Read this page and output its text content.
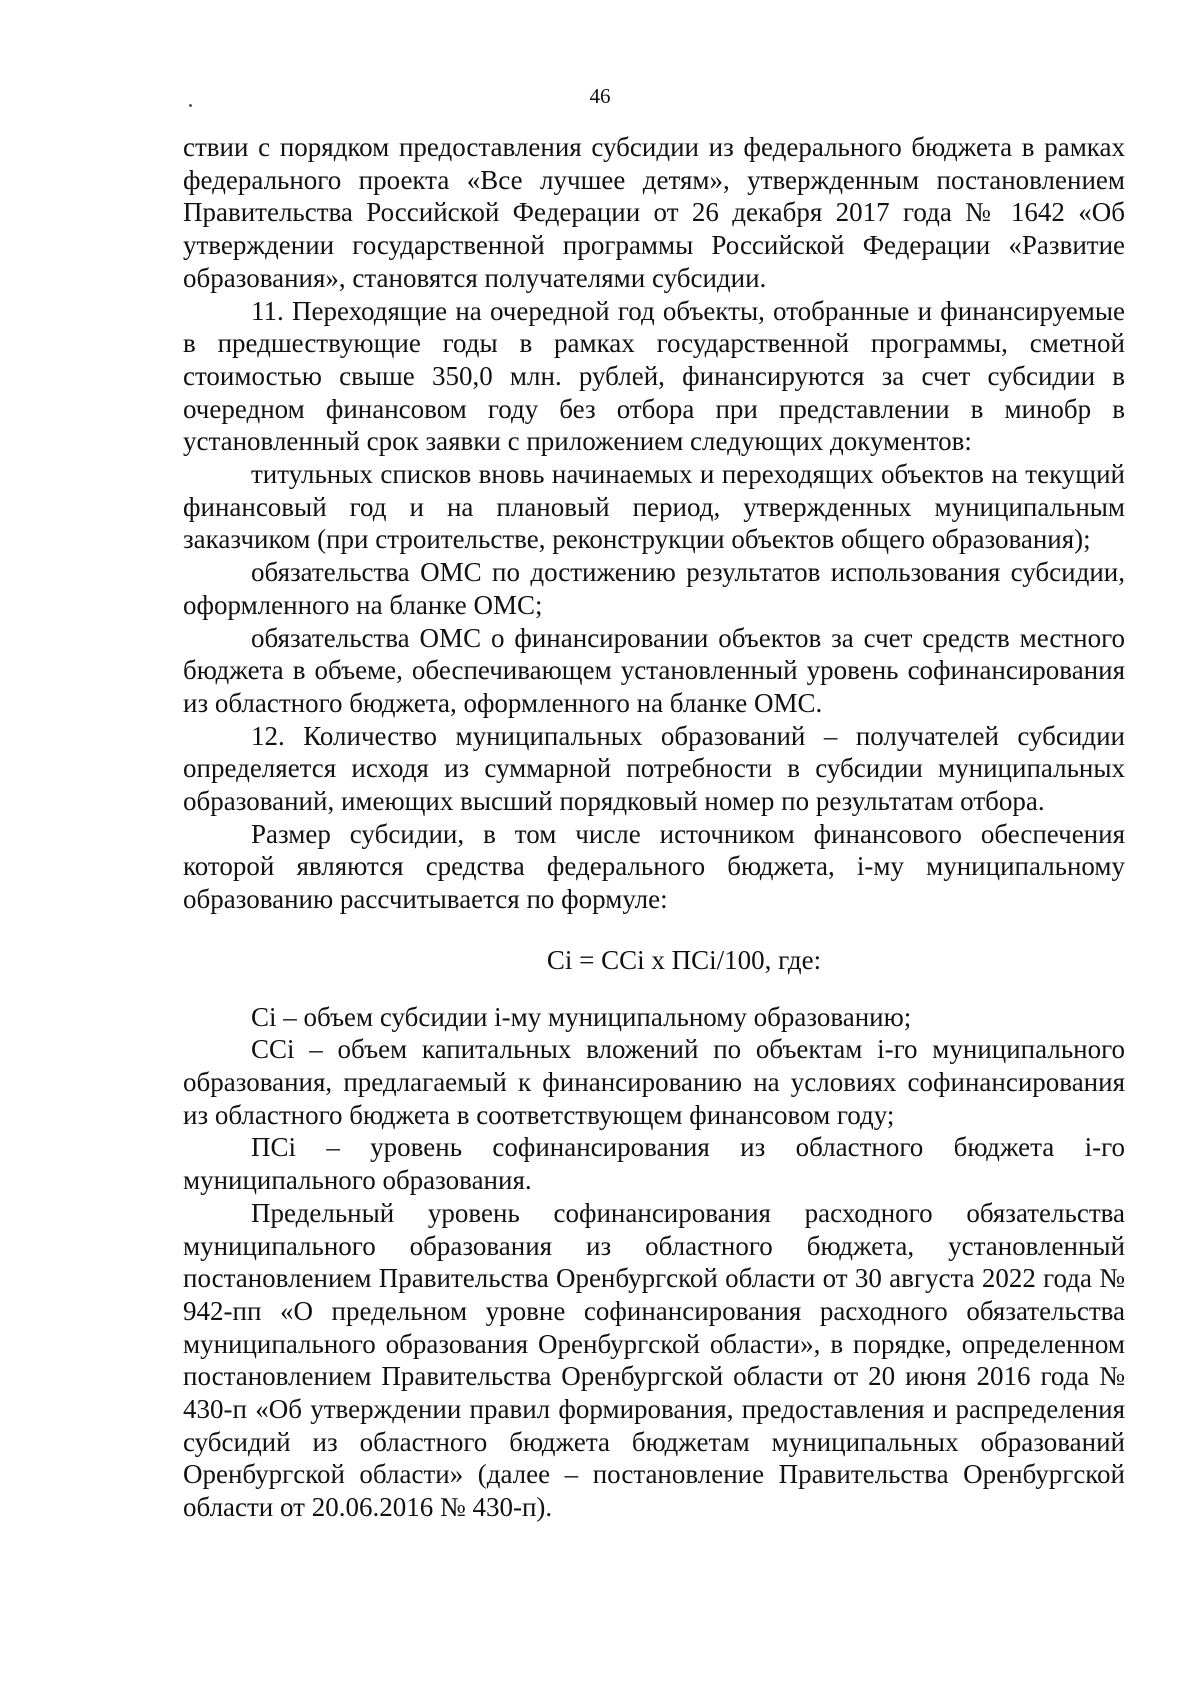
46

ствии с порядком предоставления субсидии из федерального бюджета в рамках федерального проекта «Все лучшее детям», утвержденным постановлением Правительства Российской Федерации от 26 декабря 2017 года № 1642 «Об утверждении государственной программы Российской Федерации «Развитие образования», становятся получателями субсидии.

11. Переходящие на очередной год объекты, отобранные и финансируемые в предшествующие годы в рамках государственной программы, сметной стоимостью свыше 350,0 млн. рублей, финансируются за счет субсидии в очередном финансовом году без отбора при представлении в минобр в установленный срок заявки с приложением следующих документов:

титульных списков вновь начинаемых и переходящих объектов на текущий финансовый год и на плановый период, утвержденных муниципальным заказчиком (при строительстве, реконструкции объектов общего образования);

обязательства ОМС по достижению результатов использования субсидии, оформленного на бланке ОМС;

обязательства ОМС о финансировании объектов за счет средств местного бюджета в объеме, обеспечивающем установленный уровень софинансирования из областного бюджета, оформленного на бланке ОМС.

12. Количество муниципальных образований – получателей субсидии определяется исходя из суммарной потребности в субсидии муниципальных образований, имеющих высший порядковый номер по результатам отбора.

Размер субсидии, в том числе источником финансового обеспечения которой являются средства федерального бюджета, i-му муниципальному образованию рассчитывается по формуле:

Ci = CCi x ПСi/100, где:

Ci – объем субсидии i-му муниципальному образованию;

CCi – объем капитальных вложений по объектам i-го муниципального образования, предлагаемый к финансированию на условиях софинансирования из областного бюджета в соответствующем финансовом году;

ПСi – уровень софинансирования из областного бюджета i-го муниципального образования.

Предельный уровень софинансирования расходного обязательства муниципального образования из областного бюджета, установленный постановлением Правительства Оренбургской области от 30 августа 2022 года № 942-пп «О предельном уровне софинансирования расходного обязательства муниципального образования Оренбургской области», в порядке, определенном постановлением Правительства Оренбургской области от 20 июня 2016 года № 430-п «Об утверждении правил формирования, предоставления и распределения субсидий из областного бюджета бюджетам муниципальных образований Оренбургской области» (далее – постановление Правительства Оренбургской области от 20.06.2016 № 430-п).
